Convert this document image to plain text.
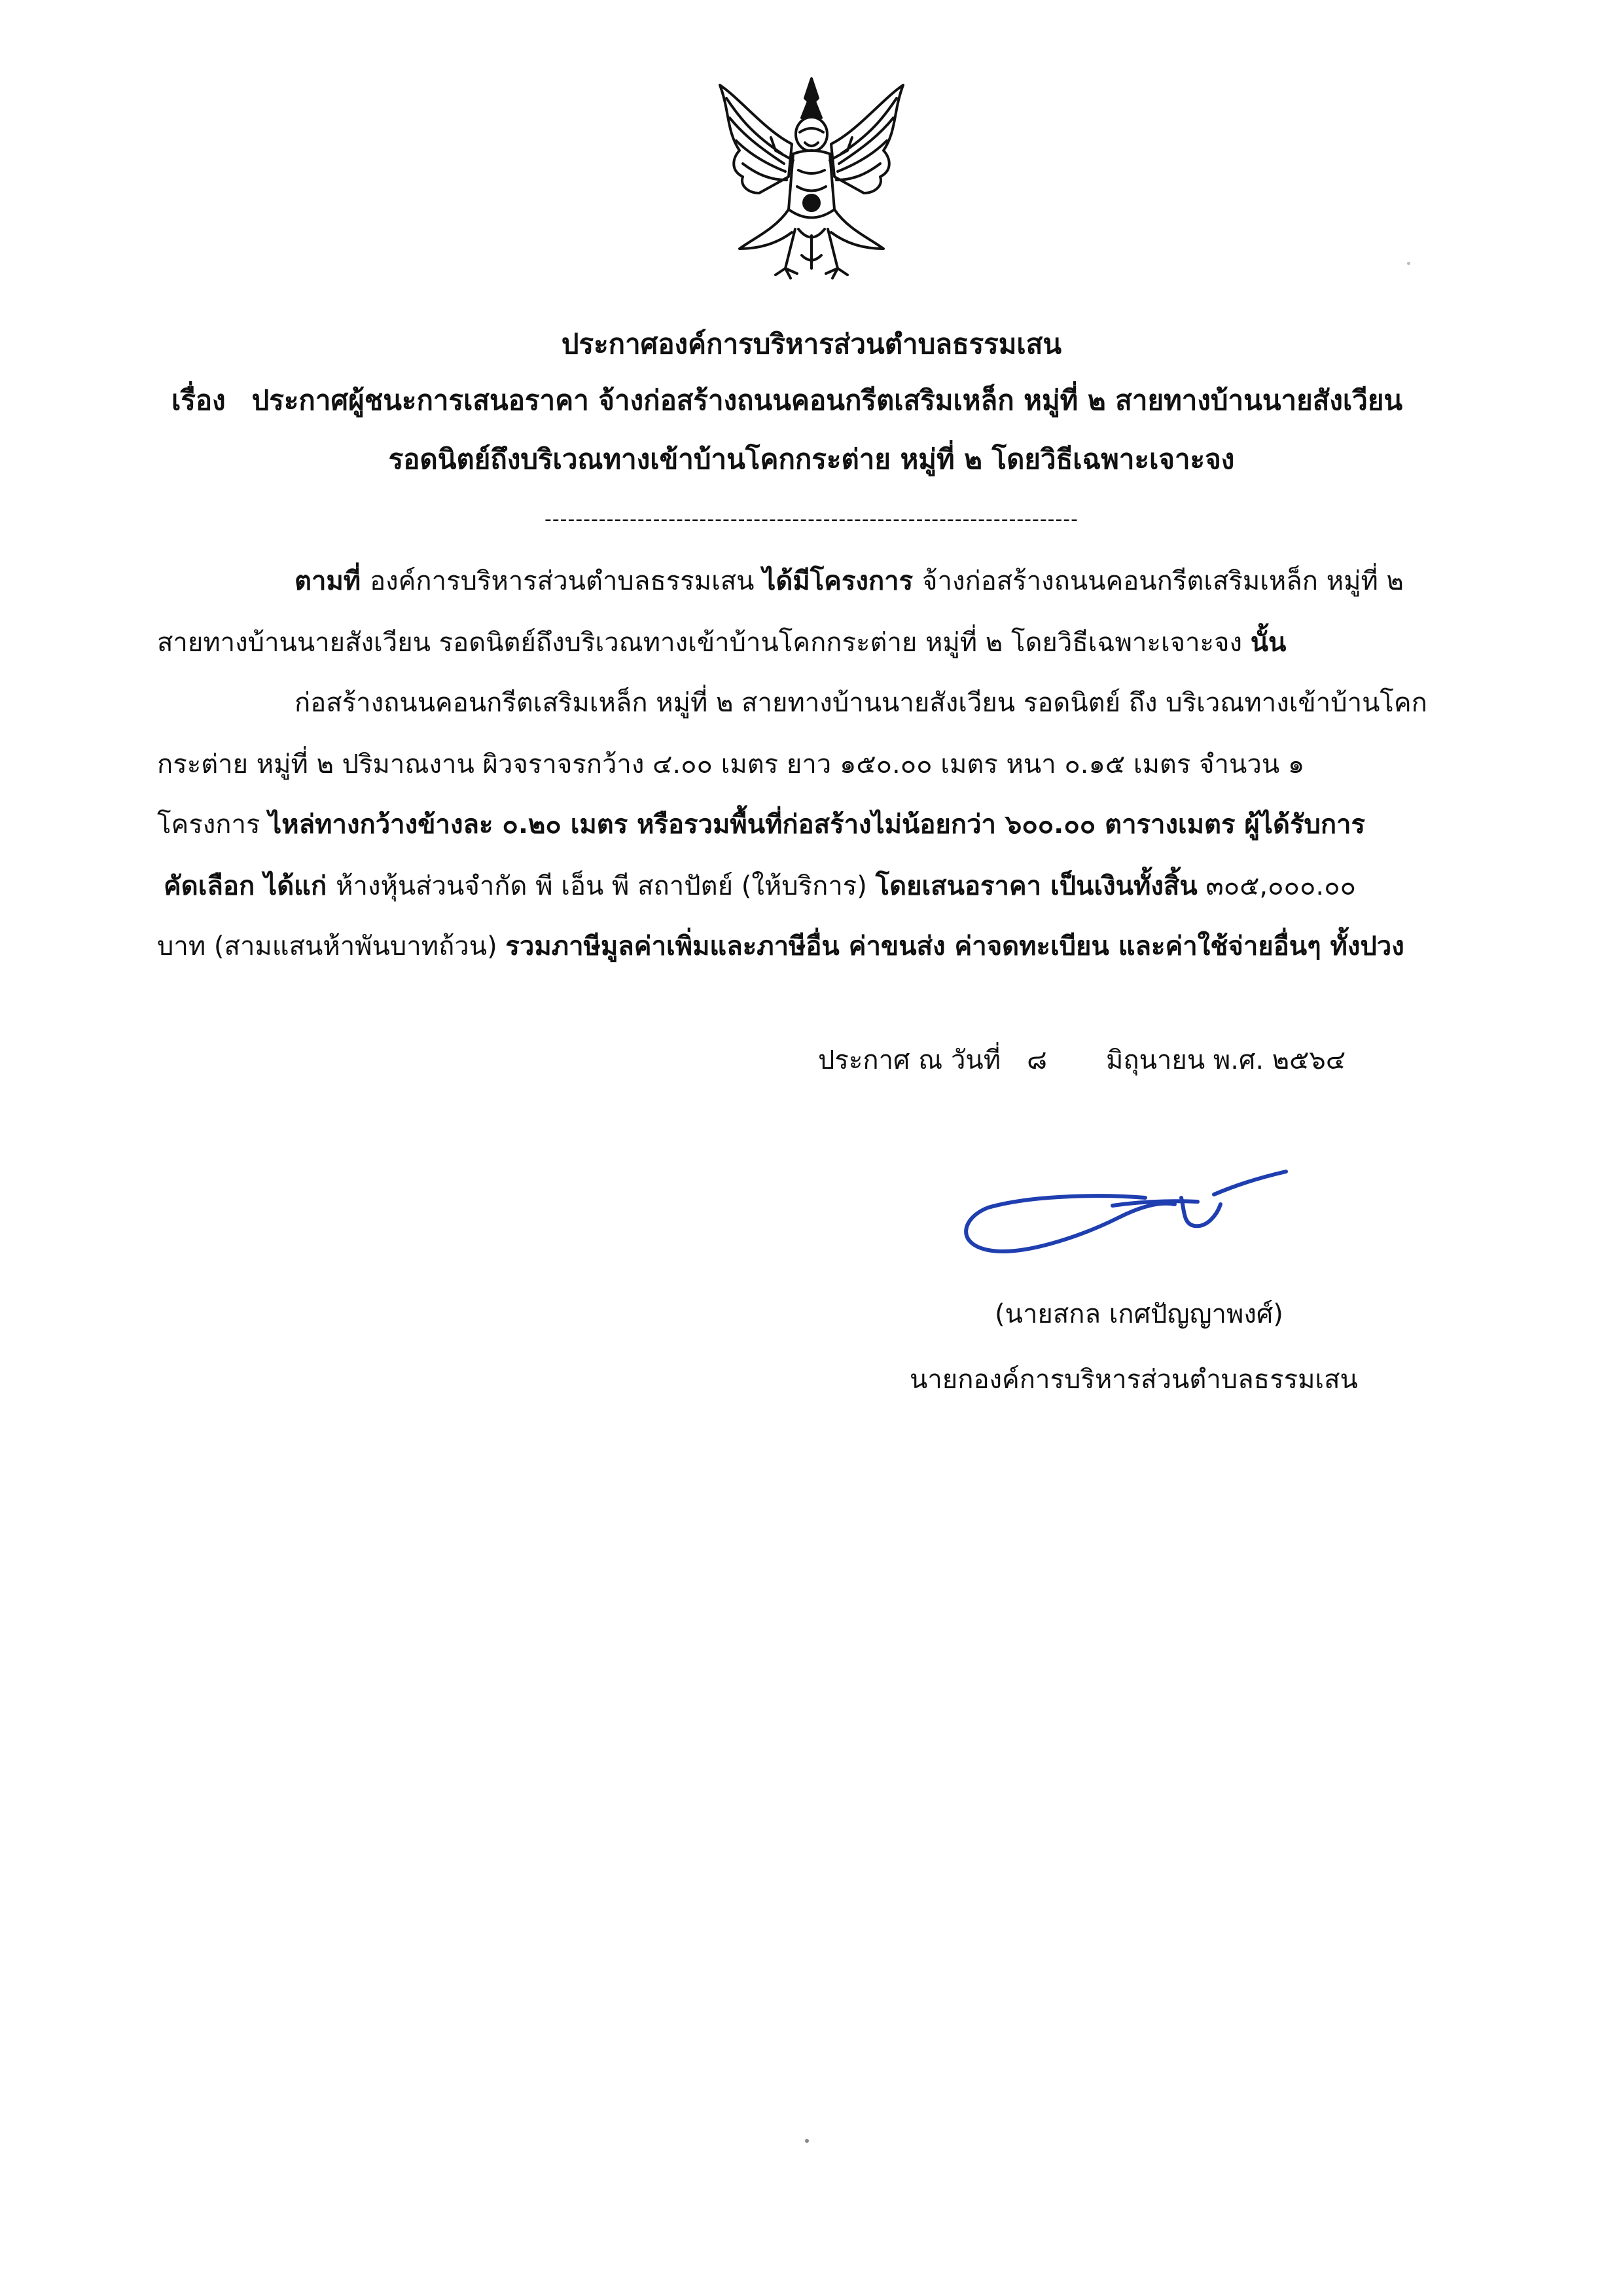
ประกาศองค์การบริหารส่วนตำบลธรรมเสน
เรื่อง ประกาศผู้ชนะการเสนอราคา จ้างก่อสร้างถนนคอนกรีตเสริมเหล็ก หมู่ที่ ๒ สายทางบ้านนายสังเวียน
รอดนิตย์ถึงบริเวณทางเข้าบ้านโคกกระต่าย หมู่ที่ ๒ โดยวิธีเฉพาะเจาะจง
---------------------------------------------------------------------
ตามที่ องค์การบริหารส่วนตำบลธรรมเสน ได้มีโครงการ จ้างก่อสร้างถนนคอนกรีตเสริมเหล็ก หมู่ที่ ๒
สายทางบ้านนายสังเวียน รอดนิตย์ถึงบริเวณทางเข้าบ้านโคกกระต่าย หมู่ที่ ๒ โดยวิธีเฉพาะเจาะจง นั้น
ก่อสร้างถนนคอนกรีตเสริมเหล็ก หมู่ที่ ๒ สายทางบ้านนายสังเวียน รอดนิตย์ ถึง บริเวณทางเข้าบ้านโคก
กระต่าย หมู่ที่ ๒ ปริมาณงาน ผิวจราจรกว้าง ๔.๐๐ เมตร ยาว ๑๕๐.๐๐ เมตร หนา ๐.๑๕ เมตร จำนวน ๑
โครงการ ไหล่ทางกว้างข้างละ ๐.๒๐ เมตร หรือรวมพื้นที่ก่อสร้างไม่น้อยกว่า ๖๐๐.๐๐ ตารางเมตร ผู้ได้รับการ
คัดเลือก ได้แก่ ห้างหุ้นส่วนจำกัด พี เอ็น พี สถาปัตย์ (ให้บริการ) โดยเสนอราคา เป็นเงินทั้งสิ้น ๓๐๕,๐๐๐.๐๐
บาท (สามแสนห้าพันบาทถ้วน) รวมภาษีมูลค่าเพิ่มและภาษีอื่น ค่าขนส่ง ค่าจดทะเบียน และค่าใช้จ่ายอื่นๆ ทั้งปวง
ประกาศ ณ วันที่ ๘ มิถุนายน พ.ศ. ๒๕๖๔
(นายสกล เกศปัญญาพงศ์)
นายกองค์การบริหารส่วนตำบลธรรมเสน
